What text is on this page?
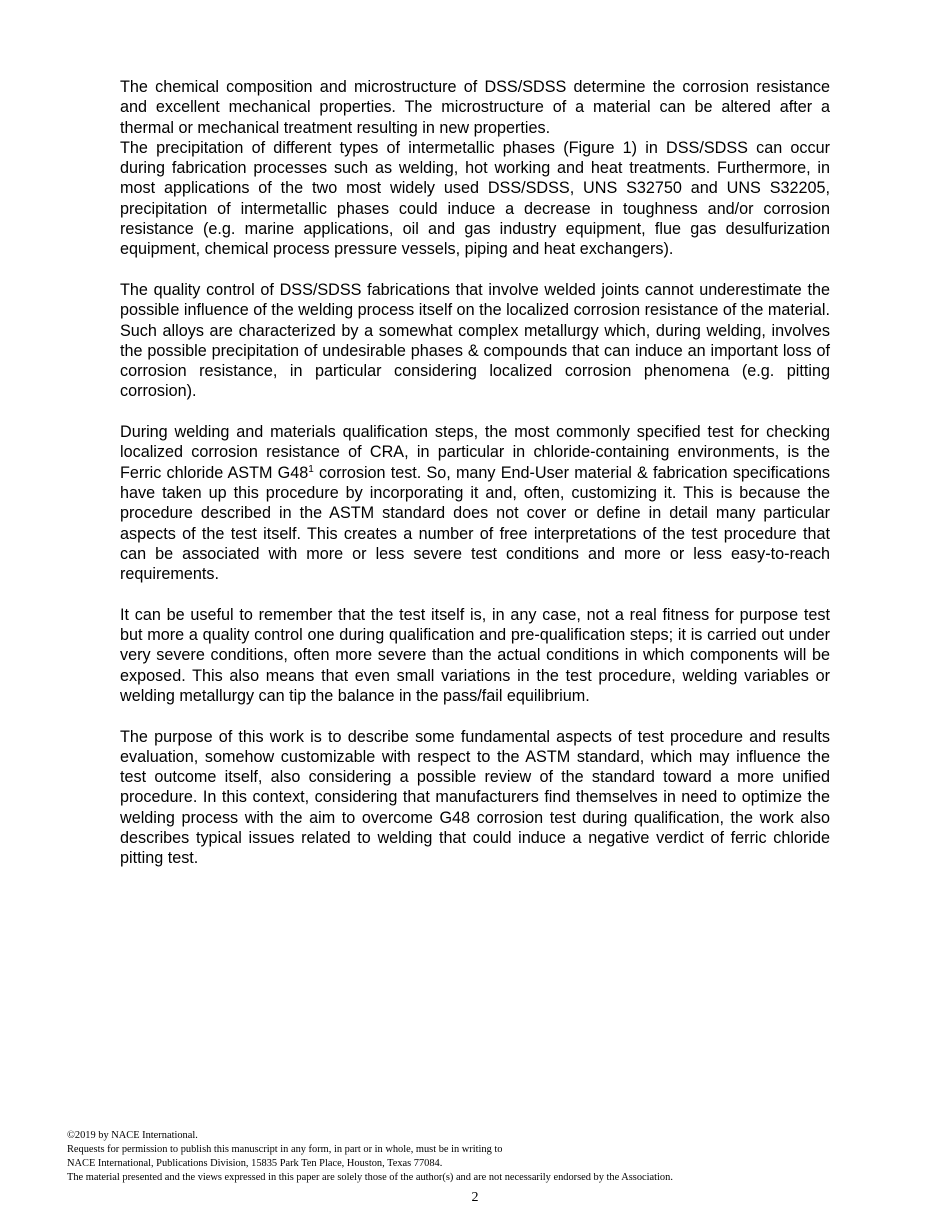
The chemical composition and microstructure of DSS/SDSS determine the corrosion resistance and excellent mechanical properties. The microstructure of a material can be altered after a thermal or mechanical treatment resulting in new properties.

The precipitation of different types of intermetallic phases (Figure 1) in DSS/SDSS can occur during fabrication processes such as welding, hot working and heat treatments. Furthermore, in most applications of the two most widely used DSS/SDSS, UNS S32750 and UNS S32205, precipitation of intermetallic phases could induce a decrease in toughness and/or corrosion resistance (e.g. marine applications, oil and gas industry equipment, flue gas desulfurization equipment, chemical process pressure vessels, piping and heat exchangers).

The quality control of DSS/SDSS fabrications that involve welded joints cannot underestimate the possible influence of the welding process itself on the localized corrosion resistance of the material. Such alloys are characterized by a somewhat complex metallurgy which, during welding, involves the possible precipitation of undesirable phases & compounds that can induce an important loss of corrosion resistance, in particular considering localized corrosion phenomena (e.g. pitting corrosion).

During welding and materials qualification steps, the most commonly specified test for checking localized corrosion resistance of CRA, in particular in chloride-containing environments, is the Ferric chloride ASTM $G48^1$ corrosion test. So, many End-User material & fabrication specifications have taken up this procedure by incorporating it and, often, customizing it. This is because the procedure described in the ASTM standard does not cover or define in detail many particular aspects of the test itself. This creates a number of free interpretations of the test procedure that can be associated with more or less severe test conditions and more or less easy-to-reach requirements.

It can be useful to remember that the test itself is, in any case, not a real fitness for purpose test but more a quality control one during qualification and pre-qualification steps; it is carried out under very severe conditions, often more severe than the actual conditions in which components will be exposed. This also means that even small variations in the test procedure, welding variables or welding metallurgy can tip the balance in the pass/fail equilibrium.

The purpose of this work is to describe some fundamental aspects of test procedure and results evaluation, somehow customizable with respect to the ASTM standard, which may influence the test outcome itself, also considering a possible review of the standard toward a more unified procedure. In this context, considering that manufacturers find themselves in need to optimize the welding process with the aim to overcome G48 corrosion test during qualification, the work also describes typical issues related to welding that could induce a negative verdict of ferric chloride pitting test.

©2019 by NACE International.
Requests for permission to publish this manuscript in any form, in part or in whole, must be in writing to
NACE International, Publications Division, 15835 Park Ten Place, Houston, Texas 77084.
The material presented and the views expressed in this paper are solely those of the author(s) and are not necessarily endorsed by the Association.
2
